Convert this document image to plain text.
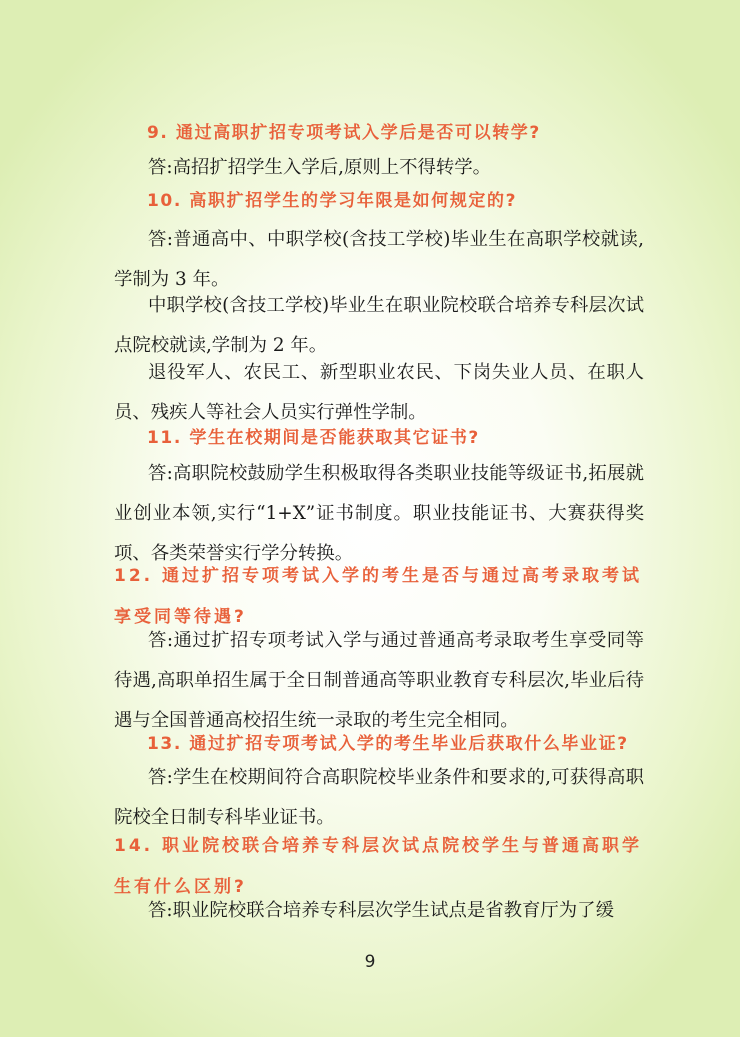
9. 通过高职扩招专项考试入学后是否可以转学?

答:高招扩招学生入学后,原则上不得转学。

10. 高职扩招学生的学习年限是如何规定的?

答:普通高中、中职学校(含技工学校)毕业生在高职学校就读,学制为 3 年。

中职学校(含技工学校)毕业生在职业院校联合培养专科层次试点院校就读,学制为 2 年。

退役军人、农民工、新型职业农民、下岗失业人员、在职人员、残疾人等社会人员实行弹性学制。

11. 学生在校期间是否能获取其它证书?

答:高职院校鼓励学生积极取得各类职业技能等级证书,拓展就业创业本领,实行“1+X”证书制度。职业技能证书、大赛获得奖项、各类荣誉实行学分转换。

12. 通过扩招专项考试入学的考生是否与通过高考录取考试享受同等待遇?

答:通过扩招专项考试入学与通过普通高考录取考生享受同等待遇,高职单招生属于全日制普通高等职业教育专科层次,毕业后待遇与全国普通高校招生统一录取的考生完全相同。

13. 通过扩招专项考试入学的考生毕业后获取什么毕业证?

答:学生在校期间符合高职院校毕业条件和要求的,可获得高职院校全日制专科毕业证书。

14. 职业院校联合培养专科层次试点院校学生与普通高职学生有什么区别?

答:职业院校联合培养专科层次学生试点是省教育厅为了缓

9
